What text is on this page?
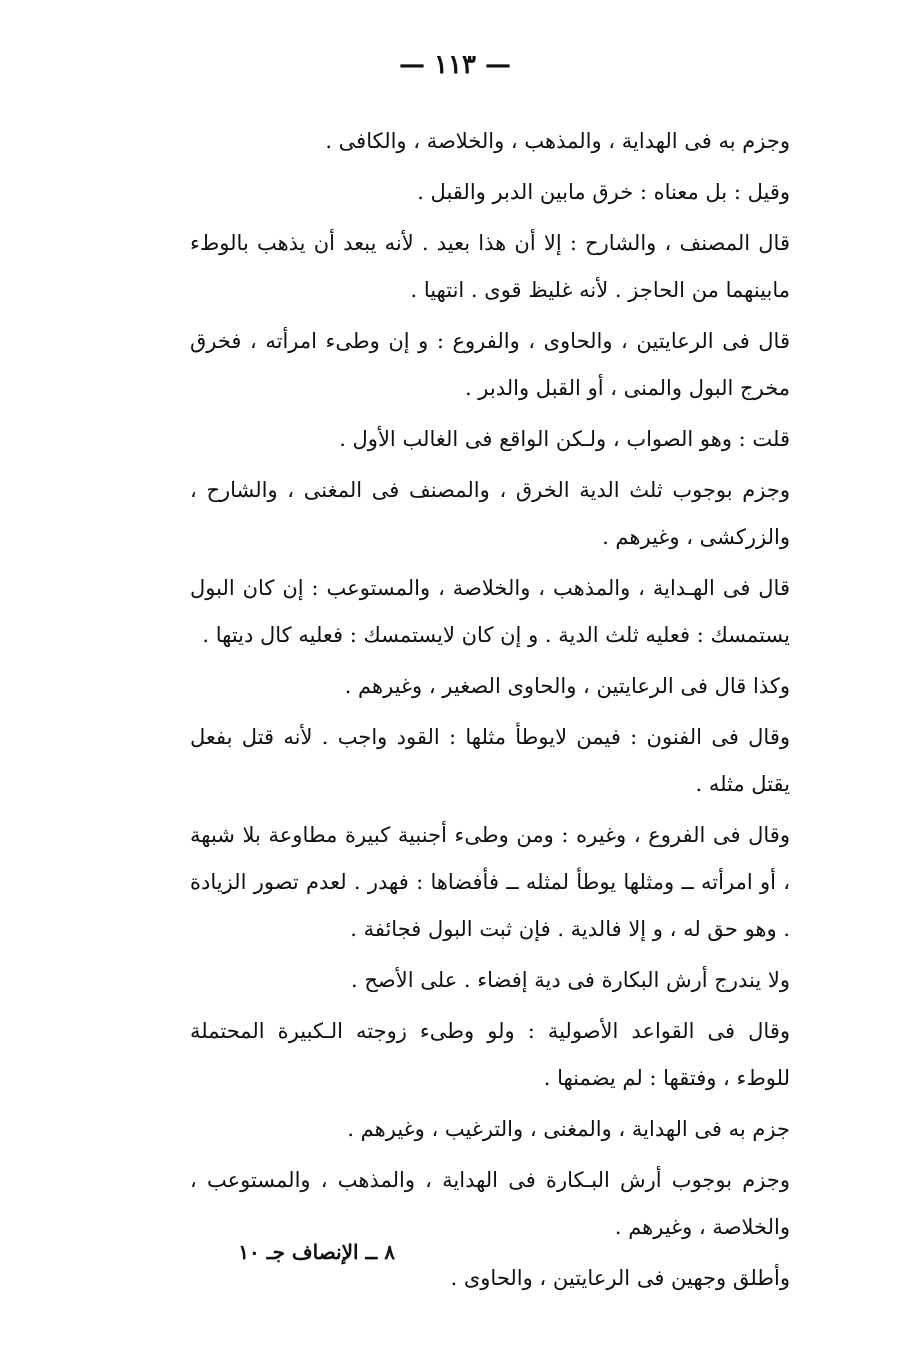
— ١١٣ —

وجزم به فى الهداية ، والمذهب ، والخلاصة ، والكافى .

وقيل : بل معناه : خرق مابين الدبر والقبل .

قال المصنف ، والشارح : إلا أن هذا بعيد . لأنه يبعد أن يذهب بالوطء مابينهما من الحاجز . لأنه غليظ قوى . انتهيا .

قال فى الرعايتين ، والحاوى ، والفروع : و إن وطىء امرأته ، فخرق مخرج البول والمنى ، أو القبل والدبر .

قلت : وهو الصواب ، ولـكن الواقع فى الغالب الأول .

وجزم بوجوب ثلث الدية الخرق ، والمصنف فى المغنى ، والشارح ، والزركشى ، وغيرهم .

قال فى الهـداية ، والمذهب ، والخلاصة ، والمستوعب : إن كان البول يستمسك : فعليه ثلث الدية . و إن كان لايستمسك : فعليه كال ديتها .

وكذا قال فى الرعايتين ، والحاوى الصغير ، وغيرهم .

وقال فى الفنون : فيمن لايوطأ مثلها : القود واجب . لأنه قتل بفعل يقتل مثله .

وقال فى الفروع ، وغيره : ومن وطىء أجنبية كبيرة مطاوعة بلا شبهة ، أو امرأته ــ ومثلها يوطأ لمثله ــ فأفضاها : فهدر . لعدم تصور الزيادة . وهو حق له ، و إلا فالدية . فإن ثبت البول فجائفة .

ولا يندرج أرش البكارة فى دية إفضاء . على الأصح .

وقال فى القواعد الأصولية : ولو وطىء زوجته الـكبيرة المحتملة للوطء ، وفتقها : لم يضمنها .

جزم به فى الهداية ، والمغنى ، والترغيب ، وغيرهم .

وجزم بوجوب أرش البـكارة فى الهداية ، والمذهب ، والمستوعب ، والخلاصة ، وغيرهم .

وأطلق وجهين فى الرعايتين ، والحاوى .

٨ ــ الإنصاف جـ ١٠
